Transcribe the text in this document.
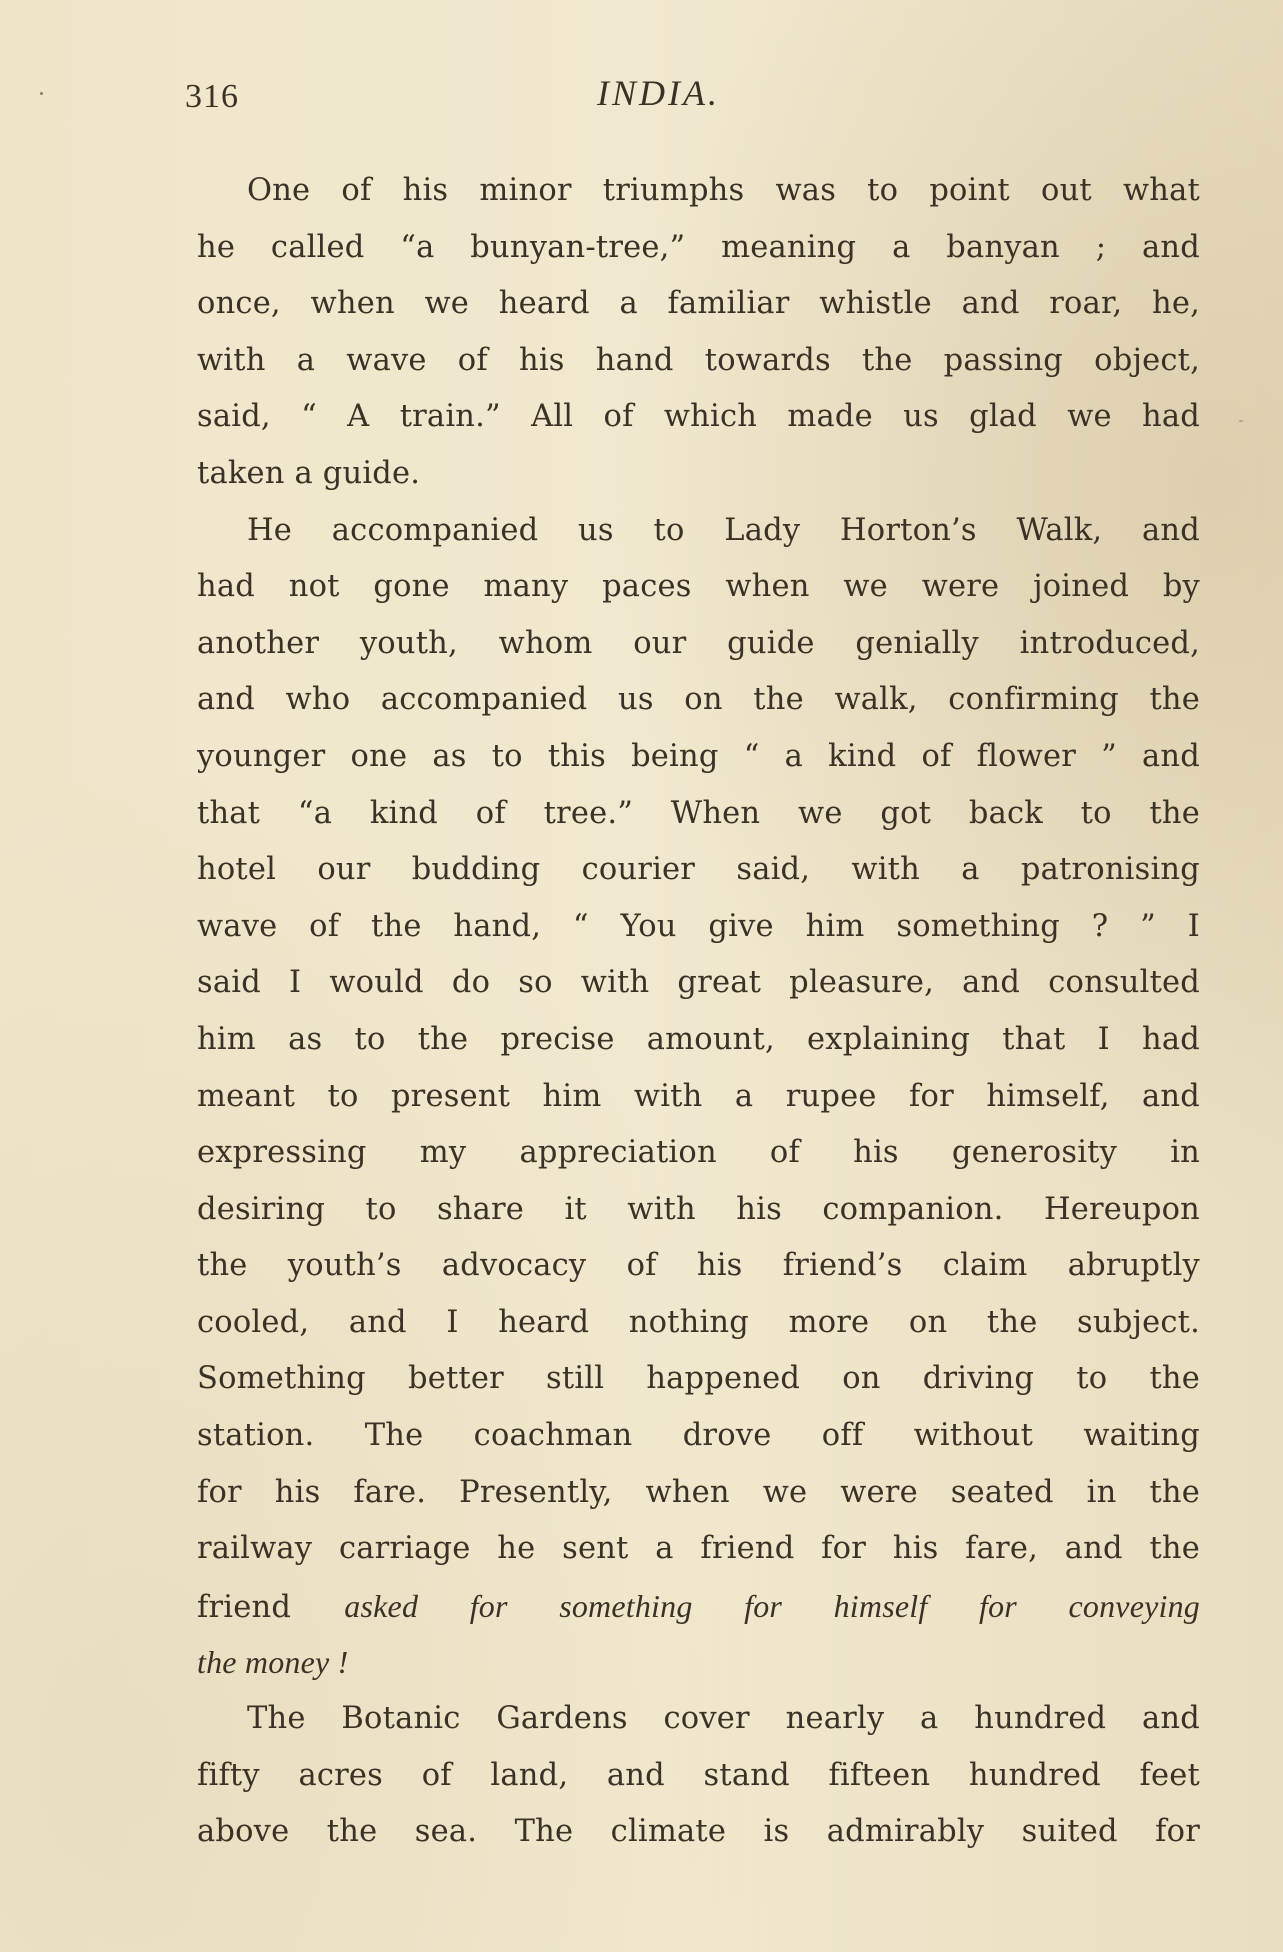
316	INDIA.
One of his minor triumphs was to point out what
he called “a bunyan-tree,” meaning a banyan ; and
once, when we heard a familiar whistle and roar, he,
with a wave of his hand towards the passing object,
said, “ A train.” All of which made us glad we had
taken a guide.
He accompanied us to Lady Horton’s Walk, and
had not gone many paces when we were joined by
another youth, whom our guide genially introduced,
and who accompanied us on the walk, confirming the
younger one as to this being “ a kind of flower ” and
that “a kind of tree.” When we got back to the
hotel our budding courier said, with a patronising
wave of the hand, “ You give him something ? ” I
said I would do so with great pleasure, and consulted
him as to the precise amount, explaining that I had
meant to present him with a rupee for himself, and
expressing my appreciation of his generosity in
desiring to share it with his companion. Hereupon
the youth’s advocacy of his friend’s claim abruptly
cooled, and I heard nothing more on the subject.
Something better still happened on driving to the
station. The coachman drove off without waiting
for his fare. Presently, when we were seated in the
railway carriage he sent a friend for his fare, and the
friend asked for something for himself for conveying
the money !
The Botanic Gardens cover nearly a hundred and
fifty acres of land, and stand fifteen hundred feet
above the sea. The climate is admirably suited for
